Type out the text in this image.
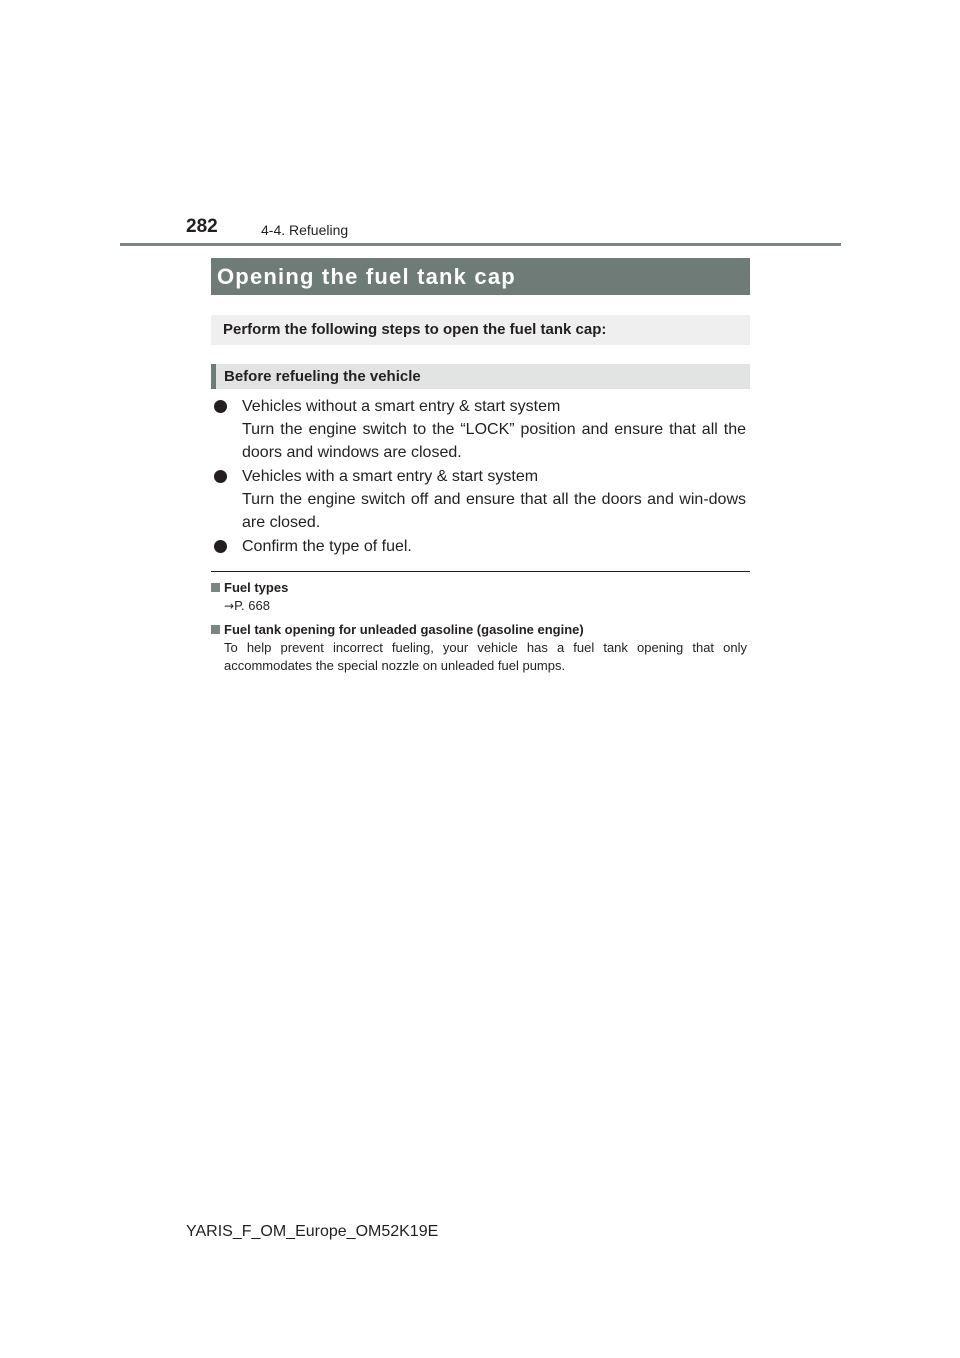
282	4-4. Refueling
Opening the fuel tank cap
Perform the following steps to open the fuel tank cap:
Before refueling the vehicle
Vehicles without a smart entry & start system
Turn the engine switch to the “LOCK” position and ensure that all the doors and windows are closed.
Vehicles with a smart entry & start system
Turn the engine switch off and ensure that all the doors and win-dows are closed.
Confirm the type of fuel.
Fuel types
→P. 668
Fuel tank opening for unleaded gasoline (gasoline engine)
To help prevent incorrect fueling, your vehicle has a fuel tank opening that only accommodates the special nozzle on unleaded fuel pumps.
YARIS_F_OM_Europe_OM52K19E
